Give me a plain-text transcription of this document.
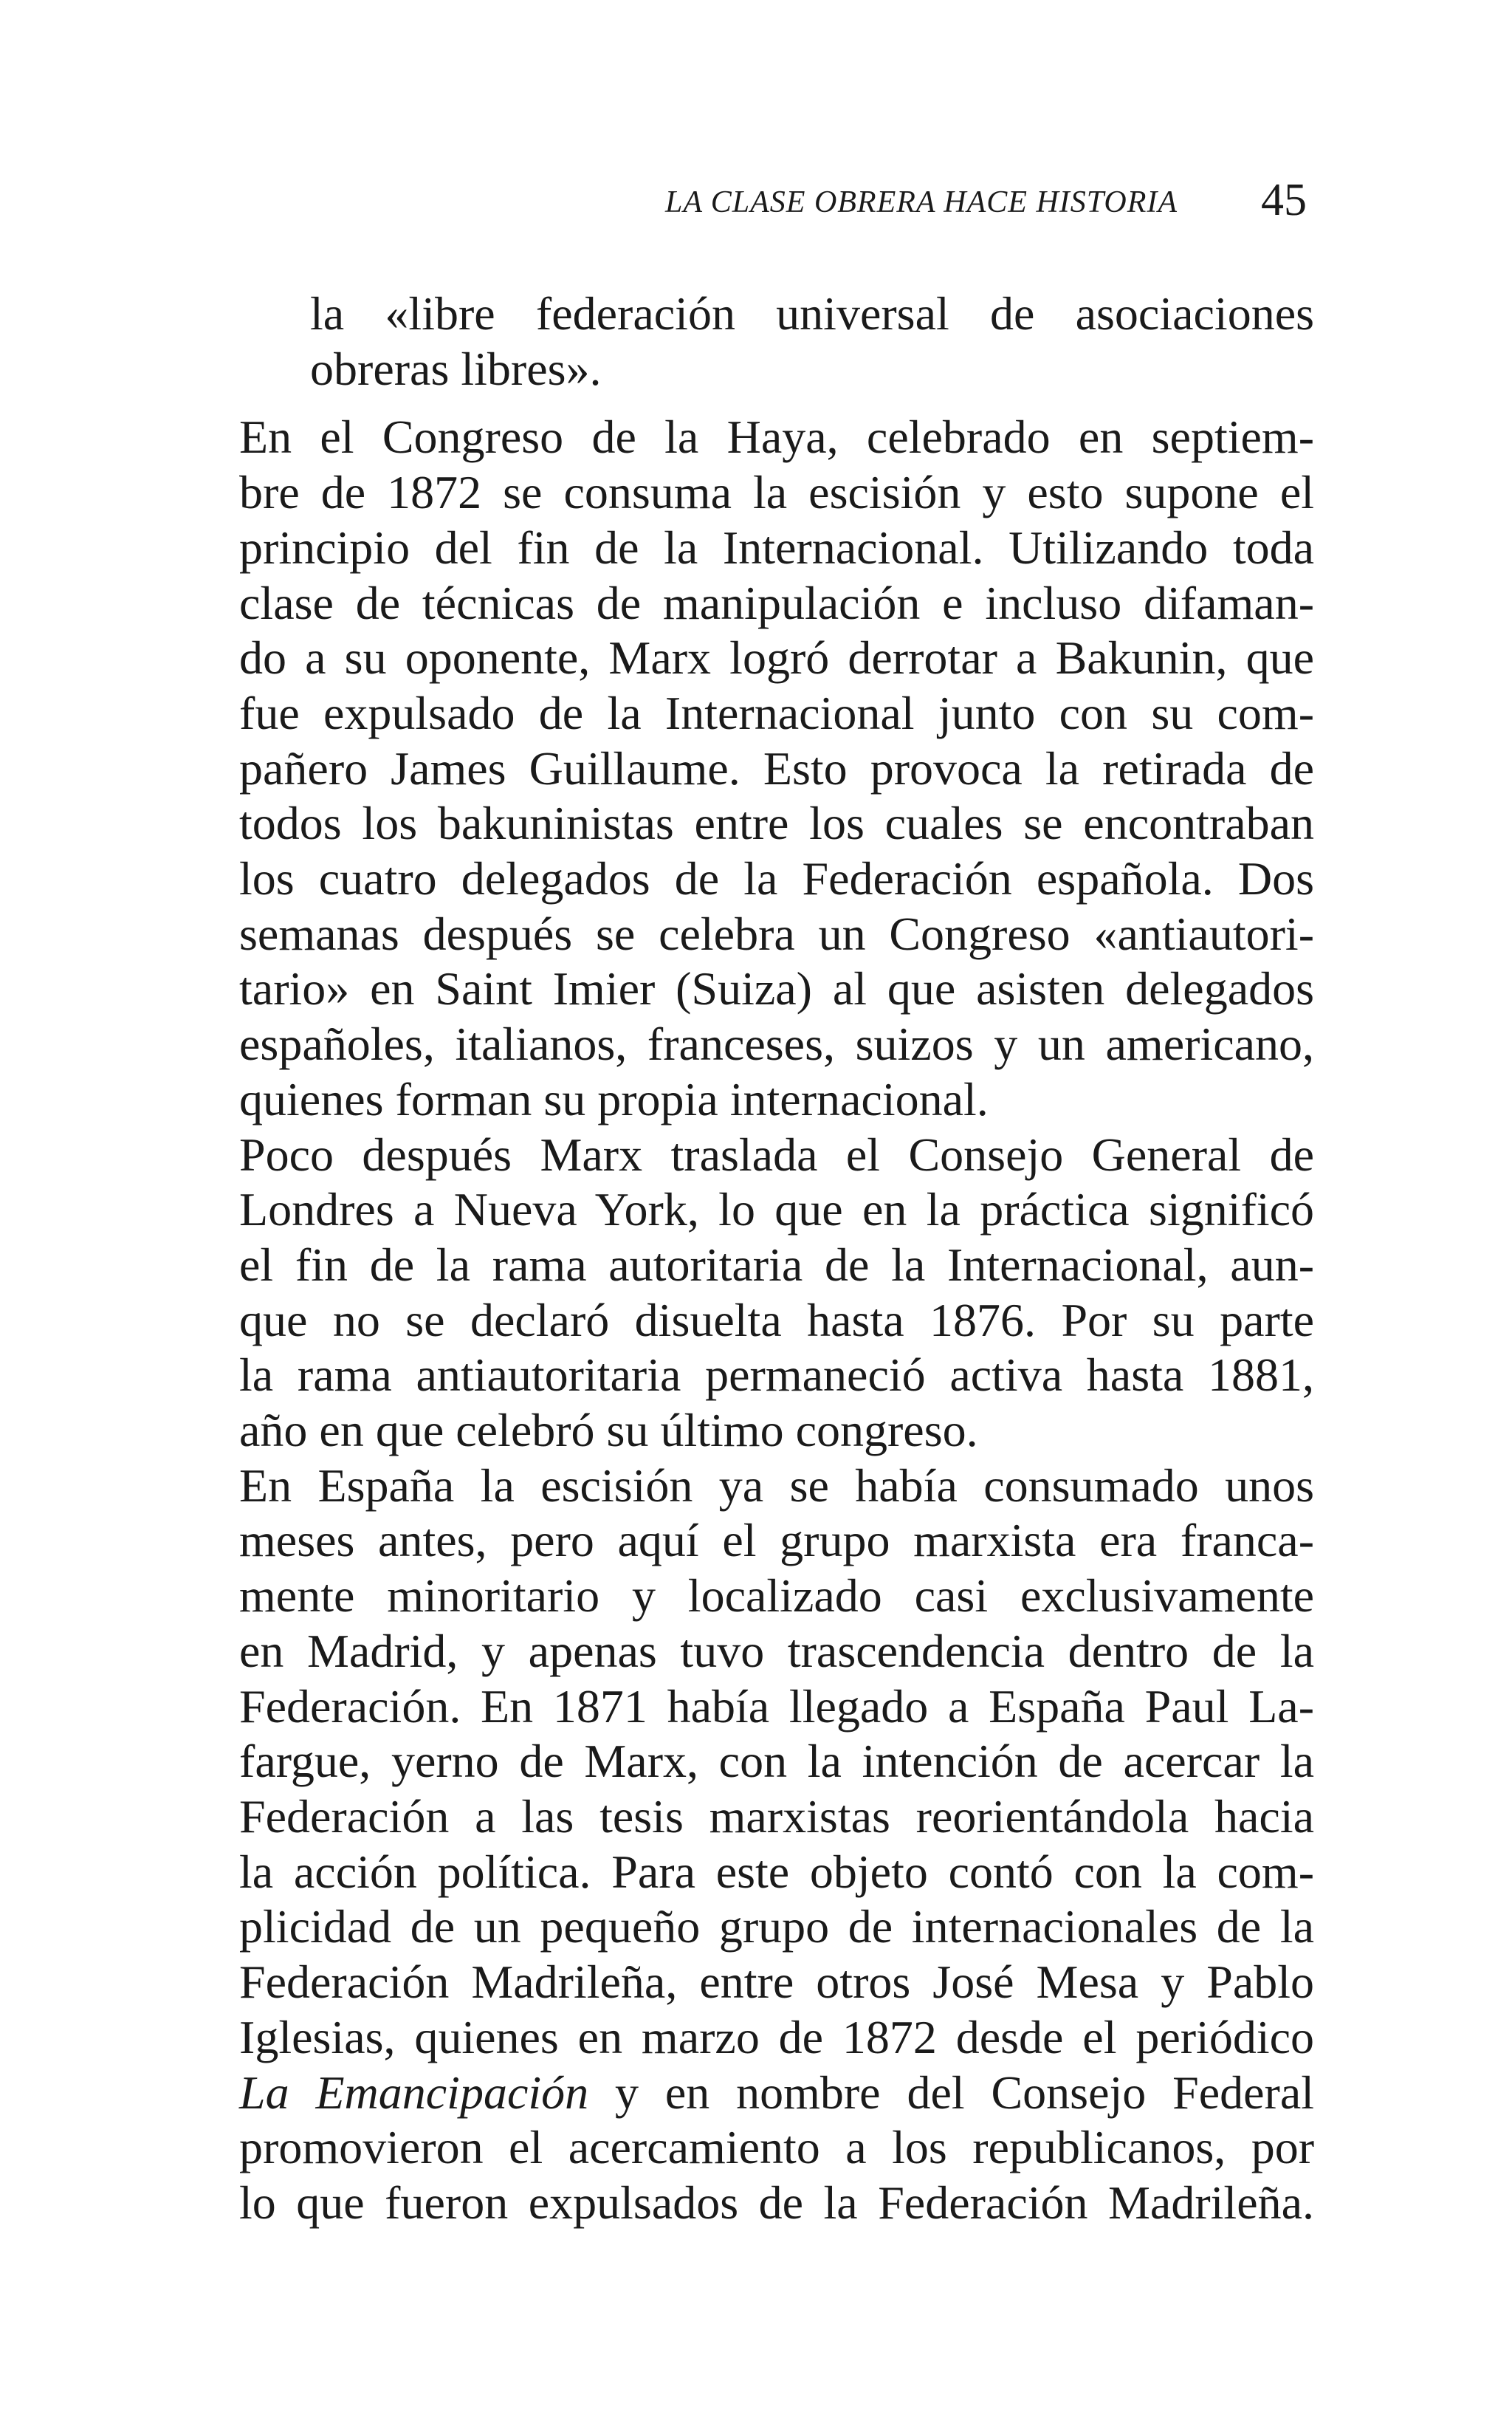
LA CLASE OBRERA HACE HISTORIA 45
la «libre federación universal de asociaciones
obreras libres».
En el Congreso de la Haya, celebrado en septiem-
bre de 1872 se consuma la escisión y esto supone el
principio del fin de la Internacional. Utilizando toda
clase de técnicas de manipulación e incluso difaman-
do a su oponente, Marx logró derrotar a Bakunin, que
fue expulsado de la Internacional junto con su com-
pañero James Guillaume. Esto provoca la retirada de
todos los bakuninistas entre los cuales se encontraban
los cuatro delegados de la Federación española. Dos
semanas después se celebra un Congreso «antiautori-
tario» en Saint Imier (Suiza) al que asisten delegados
españoles, italianos, franceses, suizos y un americano,
quienes forman su propia internacional.
Poco después Marx traslada el Consejo General de
Londres a Nueva York, lo que en la práctica significó
el fin de la rama autoritaria de la Internacional, aun-
que no se declaró disuelta hasta 1876. Por su parte
la rama antiautoritaria permaneció activa hasta 1881,
año en que celebró su último congreso.
En España la escisión ya se había consumado unos
meses antes, pero aquí el grupo marxista era franca-
mente minoritario y localizado casi exclusivamente
en Madrid, y apenas tuvo trascendencia dentro de la
Federación. En 1871 había llegado a España Paul La-
fargue, yerno de Marx, con la intención de acercar la
Federación a las tesis marxistas reorientándola hacia
la acción política. Para este objeto contó con la com-
plicidad de un pequeño grupo de internacionales de la
Federación Madrileña, entre otros José Mesa y Pablo
Iglesias, quienes en marzo de 1872 desde el periódico
La Emancipación y en nombre del Consejo Federal
promovieron el acercamiento a los republicanos, por
lo que fueron expulsados de la Federación Madrileña.
